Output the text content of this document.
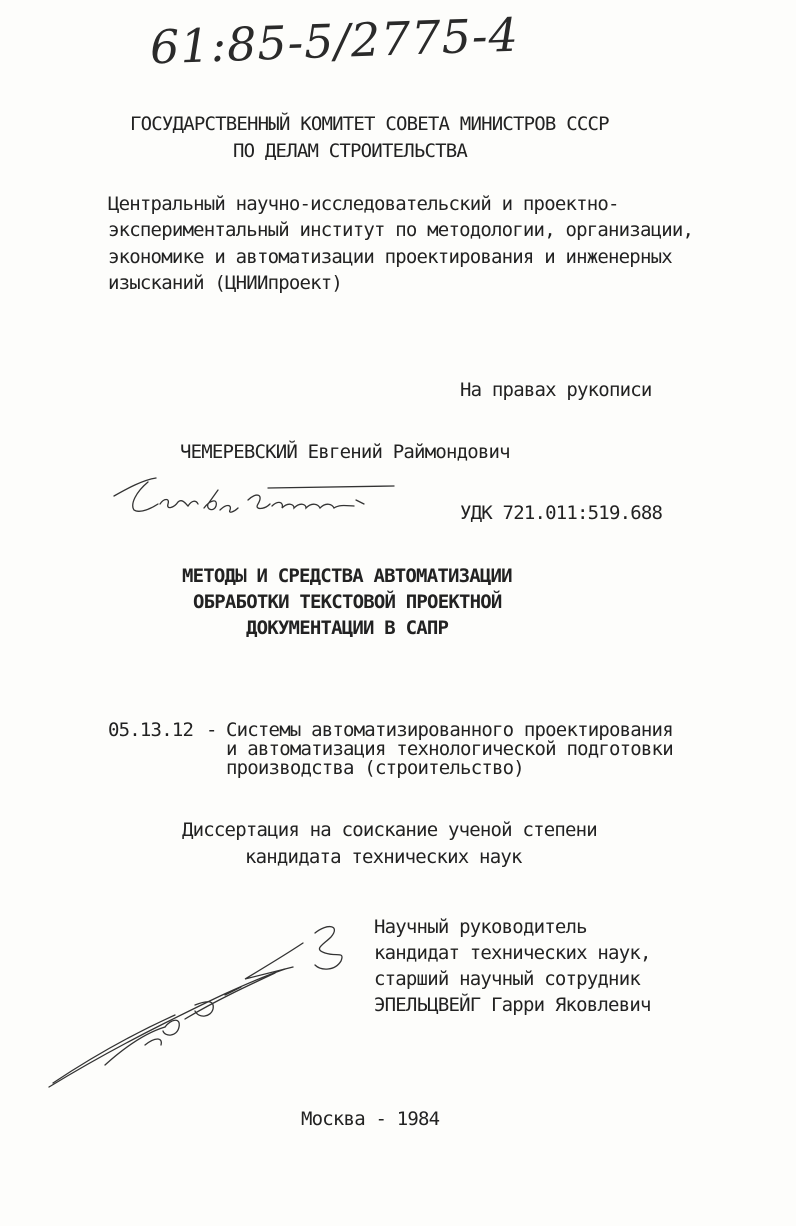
61:85-5/2775-4
ГОСУДАРСТВЕННЫЙ КОМИТЕТ СОВЕТА МИНИСТРОВ СССР
ПО ДЕЛАМ СТРОИТЕЛЬСТВА
Центральный научно-исследовательский и проектно-
экспериментальный институт по методологии, организации,
экономике и автоматизации проектирования и инженерных
изысканий (ЦНИИпроект)
На правах рукописи
ЧЕМЕРЕВСКИЙ Евгений Раймондович
УДК 721.011:519.688
МЕТОДЫ И СРЕДСТВА АВТОМАТИЗАЦИИ
ОБРАБОТКИ ТЕКСТОВОЙ ПРОЕКТНОЙ
ДОКУМЕНТАЦИИ В САПР
05.13.12 - Системы автоматизированного проектирования
и автоматизация технологической подготовки
производства (строительство)
Диссертация на соискание ученой степени
кандидата технических наук
Научный руководитель
кандидат технических наук,
старший научный сотрудник
ЭПЕЛЬЦВЕЙГ Гарри Яковлевич
Москва - 1984
